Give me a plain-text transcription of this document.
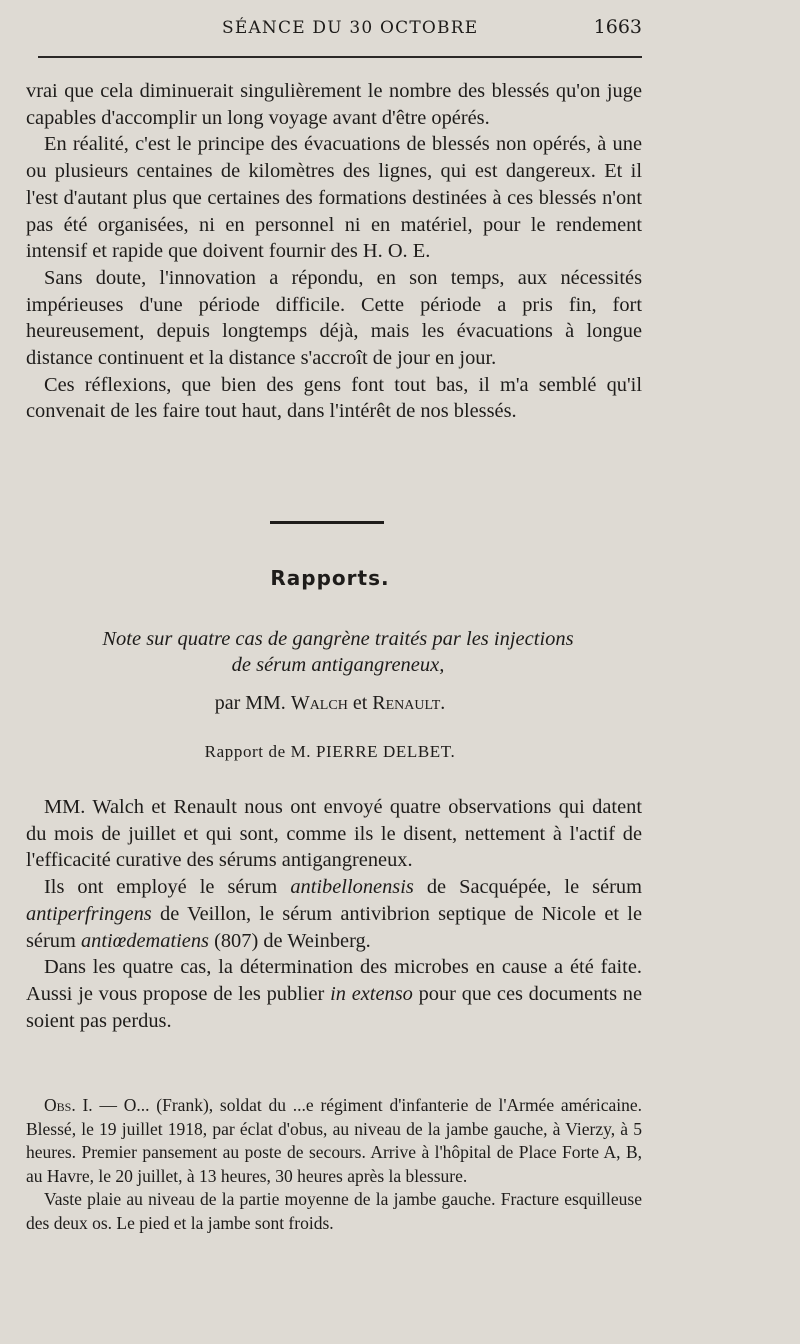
SÉANCE DU 30 OCTOBRE	1663

vrai que cela diminuerait singulièrement le nombre des blessés qu'on juge capables d'accomplir un long voyage avant d'être opérés.

En réalité, c'est le principe des évacuations de blessés non opérés, à une ou plusieurs centaines de kilomètres des lignes, qui est dangereux. Et il l'est d'autant plus que certaines des formations destinées à ces blessés n'ont pas été organisées, ni en personnel ni en matériel, pour le rendement intensif et rapide que doivent fournir des H. O. E.

Sans doute, l'innovation a répondu, en son temps, aux nécessités impérieuses d'une période difficile. Cette période a pris fin, fort heureusement, depuis longtemps déjà, mais les évacuations à longue distance continuent et la distance s'accroît de jour en jour.

Ces réflexions, que bien des gens font tout bas, il m'a semblé qu'il convenait de les faire tout haut, dans l'intérêt de nos blessés.

Rapports.
Note sur quatre cas de gangrène traités par les injections
de sérum antigangreneux,
par MM. Walch et Renault.
Rapport de M. PIERRE DELBET.

MM. Walch et Renault nous ont envoyé quatre observations qui datent du mois de juillet et qui sont, comme ils le disent, nettement à l'actif de l'efficacité curative des sérums antigangreneux.

Ils ont employé le sérum antibellonensis de Sacquépée, le sérum antiperfringens de Veillon, le sérum antivibrion septique de Nicole et le sérum antiœdematiens (807) de Weinberg.

Dans les quatre cas, la détermination des microbes en cause a été faite. Aussi je vous propose de les publier in extenso pour que ces documents ne soient pas perdus.

Obs. I. — O... (Frank), soldat du ...e régiment d'infanterie de l'Armée américaine. Blessé, le 19 juillet 1918, par éclat d'obus, au niveau de la jambe gauche, à Vierzy, à 5 heures. Premier pansement au poste de secours. Arrive à l'hôpital de Place Forte A, B, au Havre, le 20 juillet, à 13 heures, 30 heures après la blessure.

Vaste plaie au niveau de la partie moyenne de la jambe gauche. Fracture esquilleuse des deux os. Le pied et la jambe sont froids.
